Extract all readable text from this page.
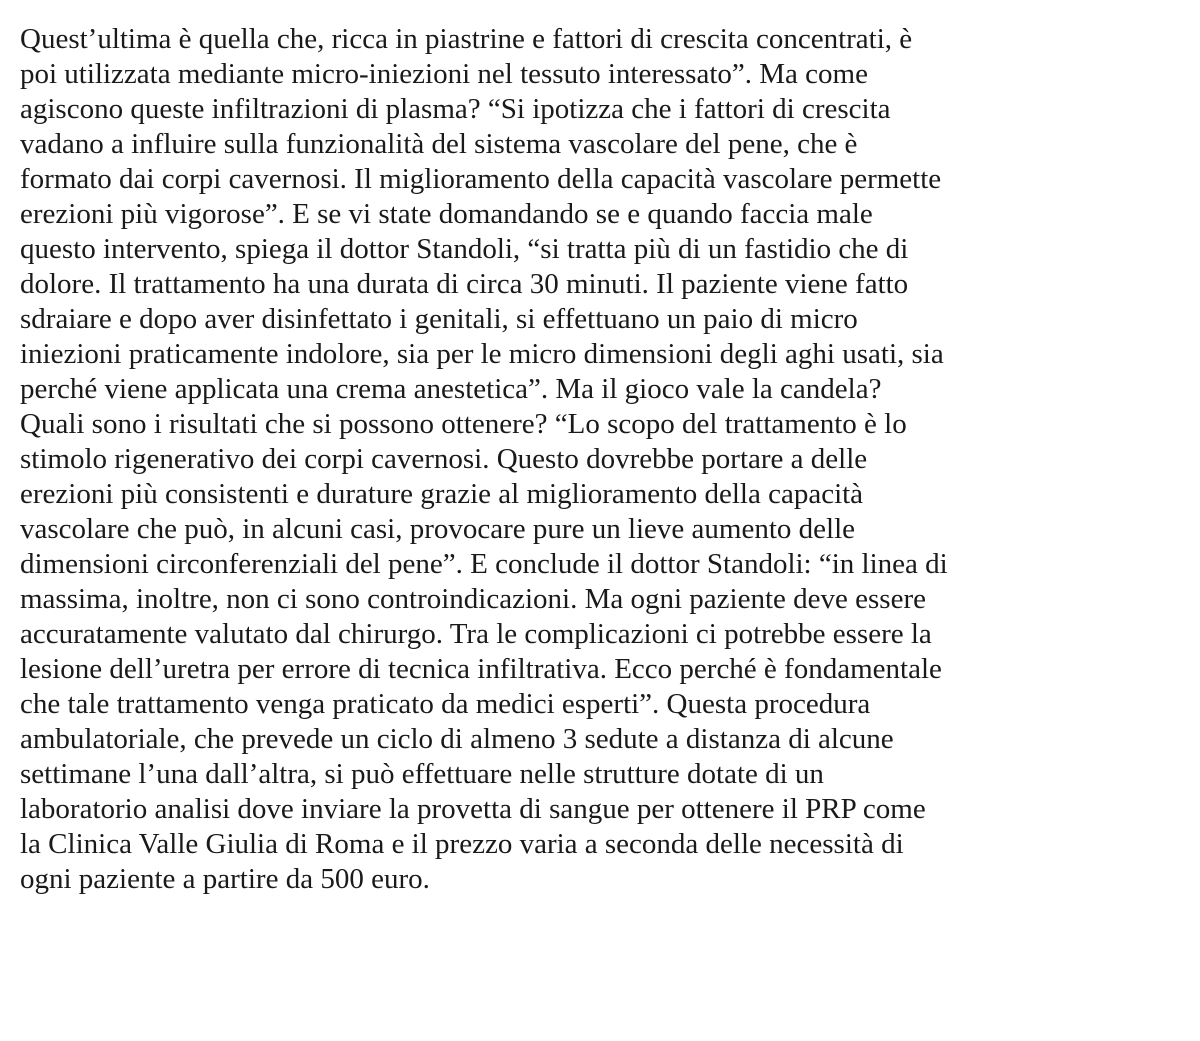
Quest’ultima è quella che, ricca in piastrine e fattori di crescita concentrati, è
poi utilizzata mediante micro-iniezioni nel tessuto interessato”. Ma come
agiscono queste infiltrazioni di plasma? “Si ipotizza che i fattori di crescita
vadano a influire sulla funzionalità del sistema vascolare del pene, che è
formato dai corpi cavernosi. Il miglioramento della capacità vascolare permette
erezioni più vigorose”. E se vi state domandando se e quando faccia male
questo intervento, spiega il dottor Standoli, “si tratta più di un fastidio che di
dolore. Il trattamento ha una durata di circa 30 minuti. Il paziente viene fatto
sdraiare e dopo aver disinfettato i genitali, si effettuano un paio di micro
iniezioni praticamente indolore, sia per le micro dimensioni degli aghi usati, sia
perché viene applicata una crema anestetica”. Ma il gioco vale la candela?
Quali sono i risultati che si possono ottenere? “Lo scopo del trattamento è lo
stimolo rigenerativo dei corpi cavernosi. Questo dovrebbe portare a delle
erezioni più consistenti e durature grazie al miglioramento della capacità
vascolare che può, in alcuni casi, provocare pure un lieve aumento delle
dimensioni circonferenziali del pene”. E conclude il dottor Standoli: “in linea di
massima, inoltre, non ci sono controindicazioni. Ma ogni paziente deve essere
accuratamente valutato dal chirurgo. Tra le complicazioni ci potrebbe essere la
lesione dell’uretra per errore di tecnica infiltrativa. Ecco perché è fondamentale
che tale trattamento venga praticato da medici esperti”. Questa procedura
ambulatoriale, che prevede un ciclo di almeno 3 sedute a distanza di alcune
settimane l’una dall’altra, si può effettuare nelle strutture dotate di un
laboratorio analisi dove inviare la provetta di sangue per ottenere il PRP come
la Clinica Valle Giulia di Roma e il prezzo varia a seconda delle necessità di
ogni paziente a partire da 500 euro.
